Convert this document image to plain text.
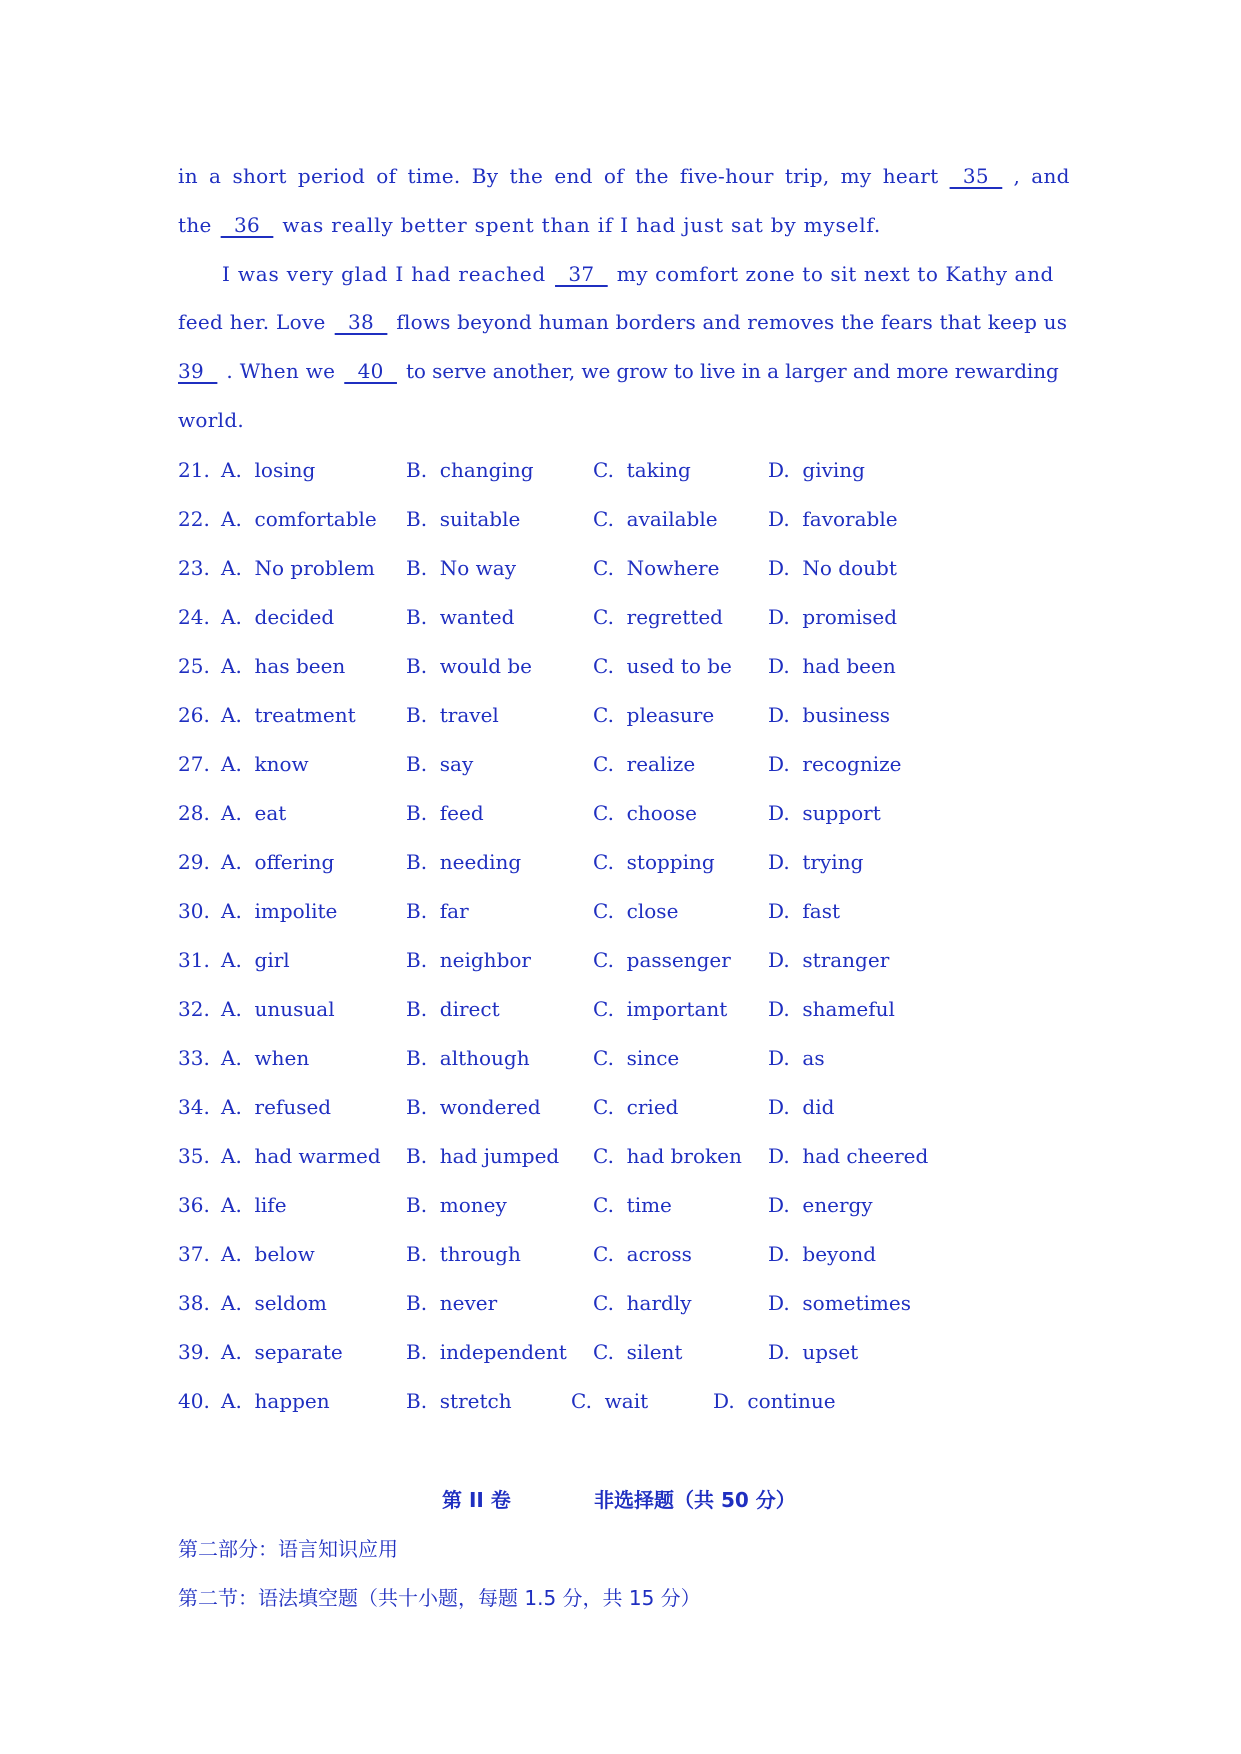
in a short period of time. By the end of the five-hour trip, my heart 35 , and
the 36 was really better spent than if I had just sat by myself.
I was very glad I had reached 37 my comfort zone to sit next to Kathy and
feed her. Love 38 flows beyond human borders and removes the fears that keep us
39 . When we 40 to serve another, we grow to live in a larger and more rewarding
world.
21. A.  losing	B.  changing	C.  taking	D.  giving
22. A.  comfortable B.  suitable	C.  available	D.  favorable
23. A.  No problem B.  No way	C.  Nowhere D.  No doubt
24. A.  decided	B.  wanted	C.  regretted D.  promised
25. A.  has been	B.  would be	C.  used to be D.  had been
26. A.  treatment	B.  travel	C.  pleasure	D.  business
27. A.  know	B.  say	C.  realize	D.  recognize
28. A.  eat	B.  feed	C.  choose	D.  support
29. A.  offering	B.  needing	C.  stopping	D.  trying
30. A.  impolite	B.  far	C.  close	D.  fast
31. A.  girl	B.  neighbor	C.  passenger D.  stranger
32. A.  unusual	B.  direct	C.  important D.  shameful
33. A.  when	B.  although	C.  since	D.  as
34. A.  refused	B.  wondered	C.  cried	D.  did
35. A.  had warmed B.  had jumped C.  had broken D.  had cheered
36. A.  life	B.  money	C.  time	D.  energy
37. A.  below	B.  through	C.  across	D.  beyond
38. A.  seldom	B.  never	C.  hardly	D.  sometimes
39. A.  separate	B.  independent C.  silent	D.  upset
40. A.  happen	B.  stretch	C.  wait	D.  continue
第 II 卷	非选择题（共 50 分）
第二部分：语言知识应用
第二节：语法填空题（共十小题，每题 1.5 分，共 15 分）
